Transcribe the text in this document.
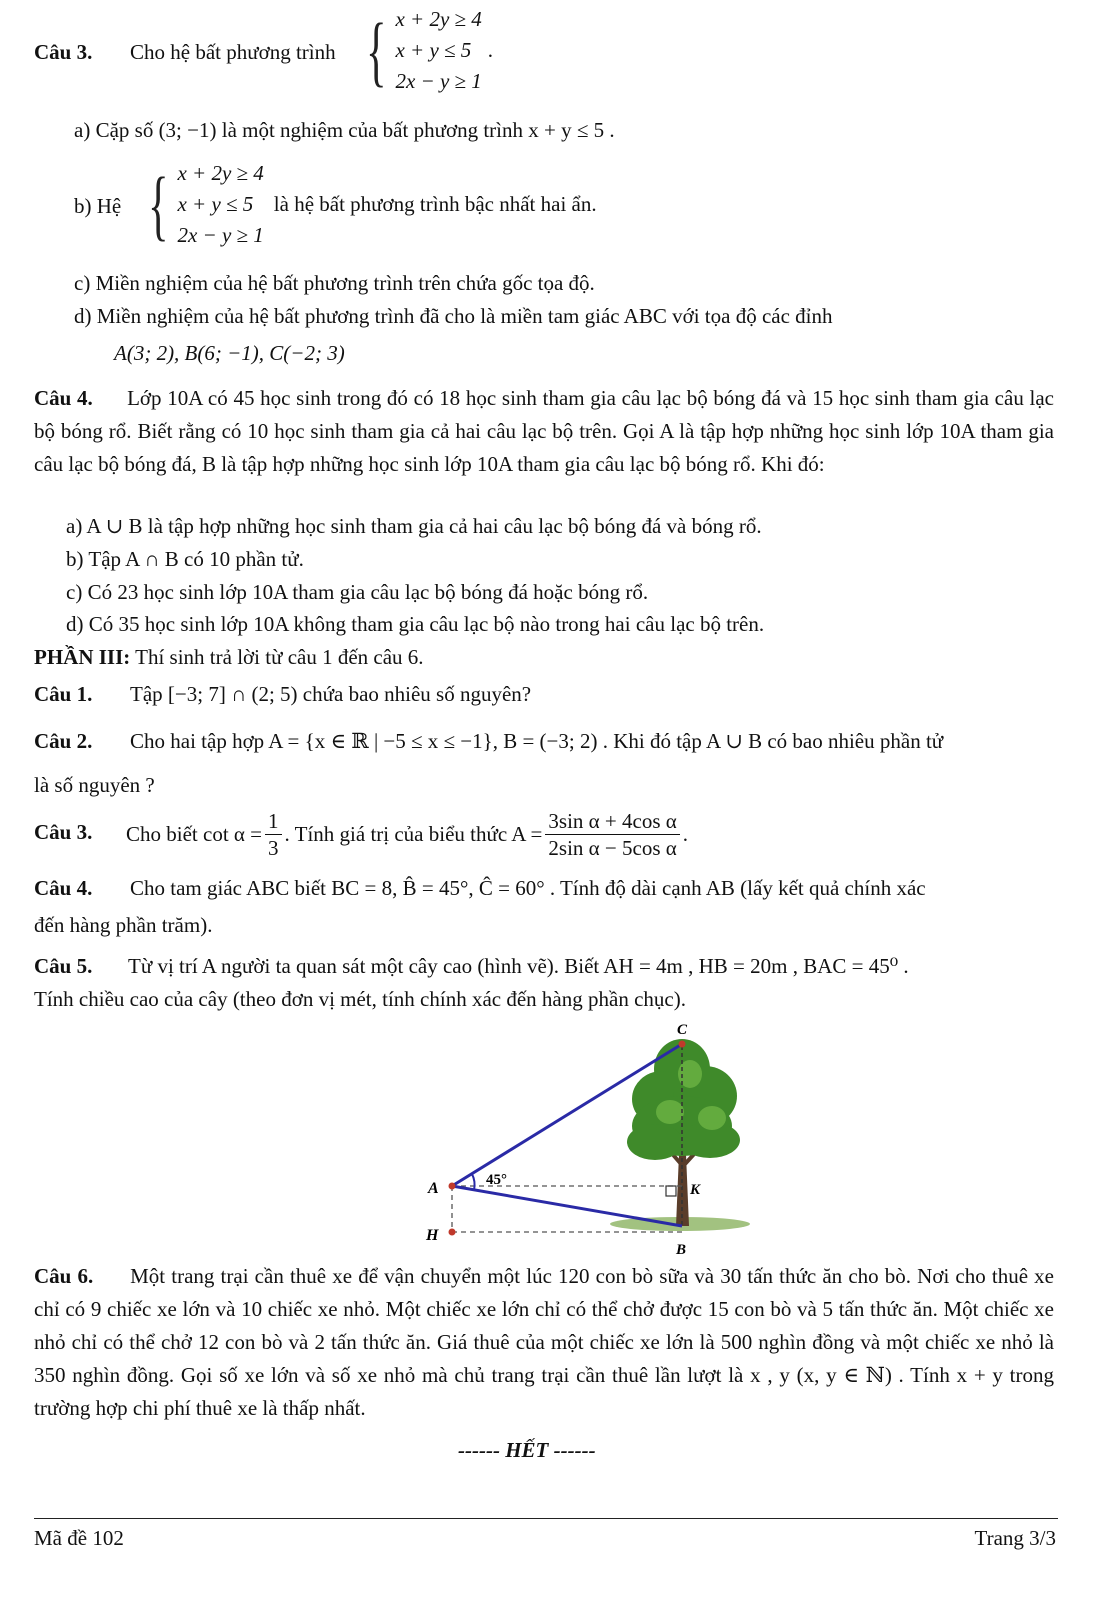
Câu 3. Cho hệ bất phương trình { x + 2y ≥ 4
x + y ≤ 5
2x − y ≥ 1
.
a) Cặp số (3; −1) là một nghiệm của bất phương trình x + y ≤ 5 .
b) Hệ { x + 2y ≥ 4
x + y ≤ 5
2x − y ≥ 1
là hệ bất phương trình bậc nhất hai ẩn.
c) Miền nghiệm của hệ bất phương trình trên chứa gốc tọa độ.
d) Miền nghiệm của hệ bất phương trình đã cho là miền tam giác ABC với tọa độ các đỉnh
A(3; 2), B(6; −1), C(−2; 3)
Câu 4. Lớp 10A có 45 học sinh trong đó có 18 học sinh tham gia câu lạc bộ bóng đá và 15 học sinh tham gia câu lạc bộ bóng rổ. Biết rằng có 10 học sinh tham gia cả hai câu lạc bộ trên. Gọi A là tập hợp những học sinh lớp 10A tham gia câu lạc bộ bóng đá, B là tập hợp những học sinh lớp 10A tham gia câu lạc bộ bóng rổ. Khi đó:
a) A ∪ B là tập hợp những học sinh tham gia cả hai câu lạc bộ bóng đá và bóng rổ.
b) Tập A ∩ B có 10 phần tử.
c) Có 23 học sinh lớp 10A tham gia câu lạc bộ bóng đá hoặc bóng rổ.
d) Có 35 học sinh lớp 10A không tham gia câu lạc bộ nào trong hai câu lạc bộ trên.
PHẦN III: Thí sinh trả lời từ câu 1 đến câu 6.
Câu 1. Tập [−3; 7] ∩ (2; 5) chứa bao nhiêu số nguyên?
Câu 2. Cho hai tập hợp A = {x ∈ ℝ | −5 ≤ x ≤ −1}, B = (−3; 2) . Khi đó tập A ∪ B có bao nhiêu phần tử
là số nguyên ?
Câu 3. Cho biết $\cot \alpha = \frac{1}{3}$ . Tính giá trị của biểu thức $A = \frac{\text{3sin α + 4cos α}}{\text{2sin α − 5cos α}}$ .
Câu 4. Cho tam giác ABC biết BC = 8, B̂ = 45°, Ĉ = 60° . Tính độ dài cạnh AB (lấy kết quả chính xác
đến hàng phần trăm).
Câu 5. Từ vị trí A người ta quan sát một cây cao (hình vẽ). Biết AH = 4m , HB = 20m , BAC = 45⁰ .
Tính chiều cao của cây (theo đơn vị mét, tính chính xác đến hàng phần chục).
C
A	K
H
B
45°
Câu 6. Một trang trại cần thuê xe để vận chuyển một lúc 120 con bò sữa và 30 tấn thức ăn cho bò. Nơi cho thuê xe chỉ có 9 chiếc xe lớn và 10 chiếc xe nhỏ. Một chiếc xe lớn chỉ có thể chở được 15 con bò và 5 tấn thức ăn. Một chiếc xe nhỏ chỉ có thể chở 12 con bò và 2 tấn thức ăn. Giá thuê của một chiếc xe lớn là 500 nghìn đồng và một chiếc xe nhỏ là 350 nghìn đồng. Gọi số xe lớn và số xe nhỏ mà chủ trang trại cần thuê lần lượt là x , y (x, y ∈ ℕ) . Tính x + y trong trường hợp chi phí thuê xe là thấp nhất.
------ HẾT ------
Mã đề 102	Trang 3/3
